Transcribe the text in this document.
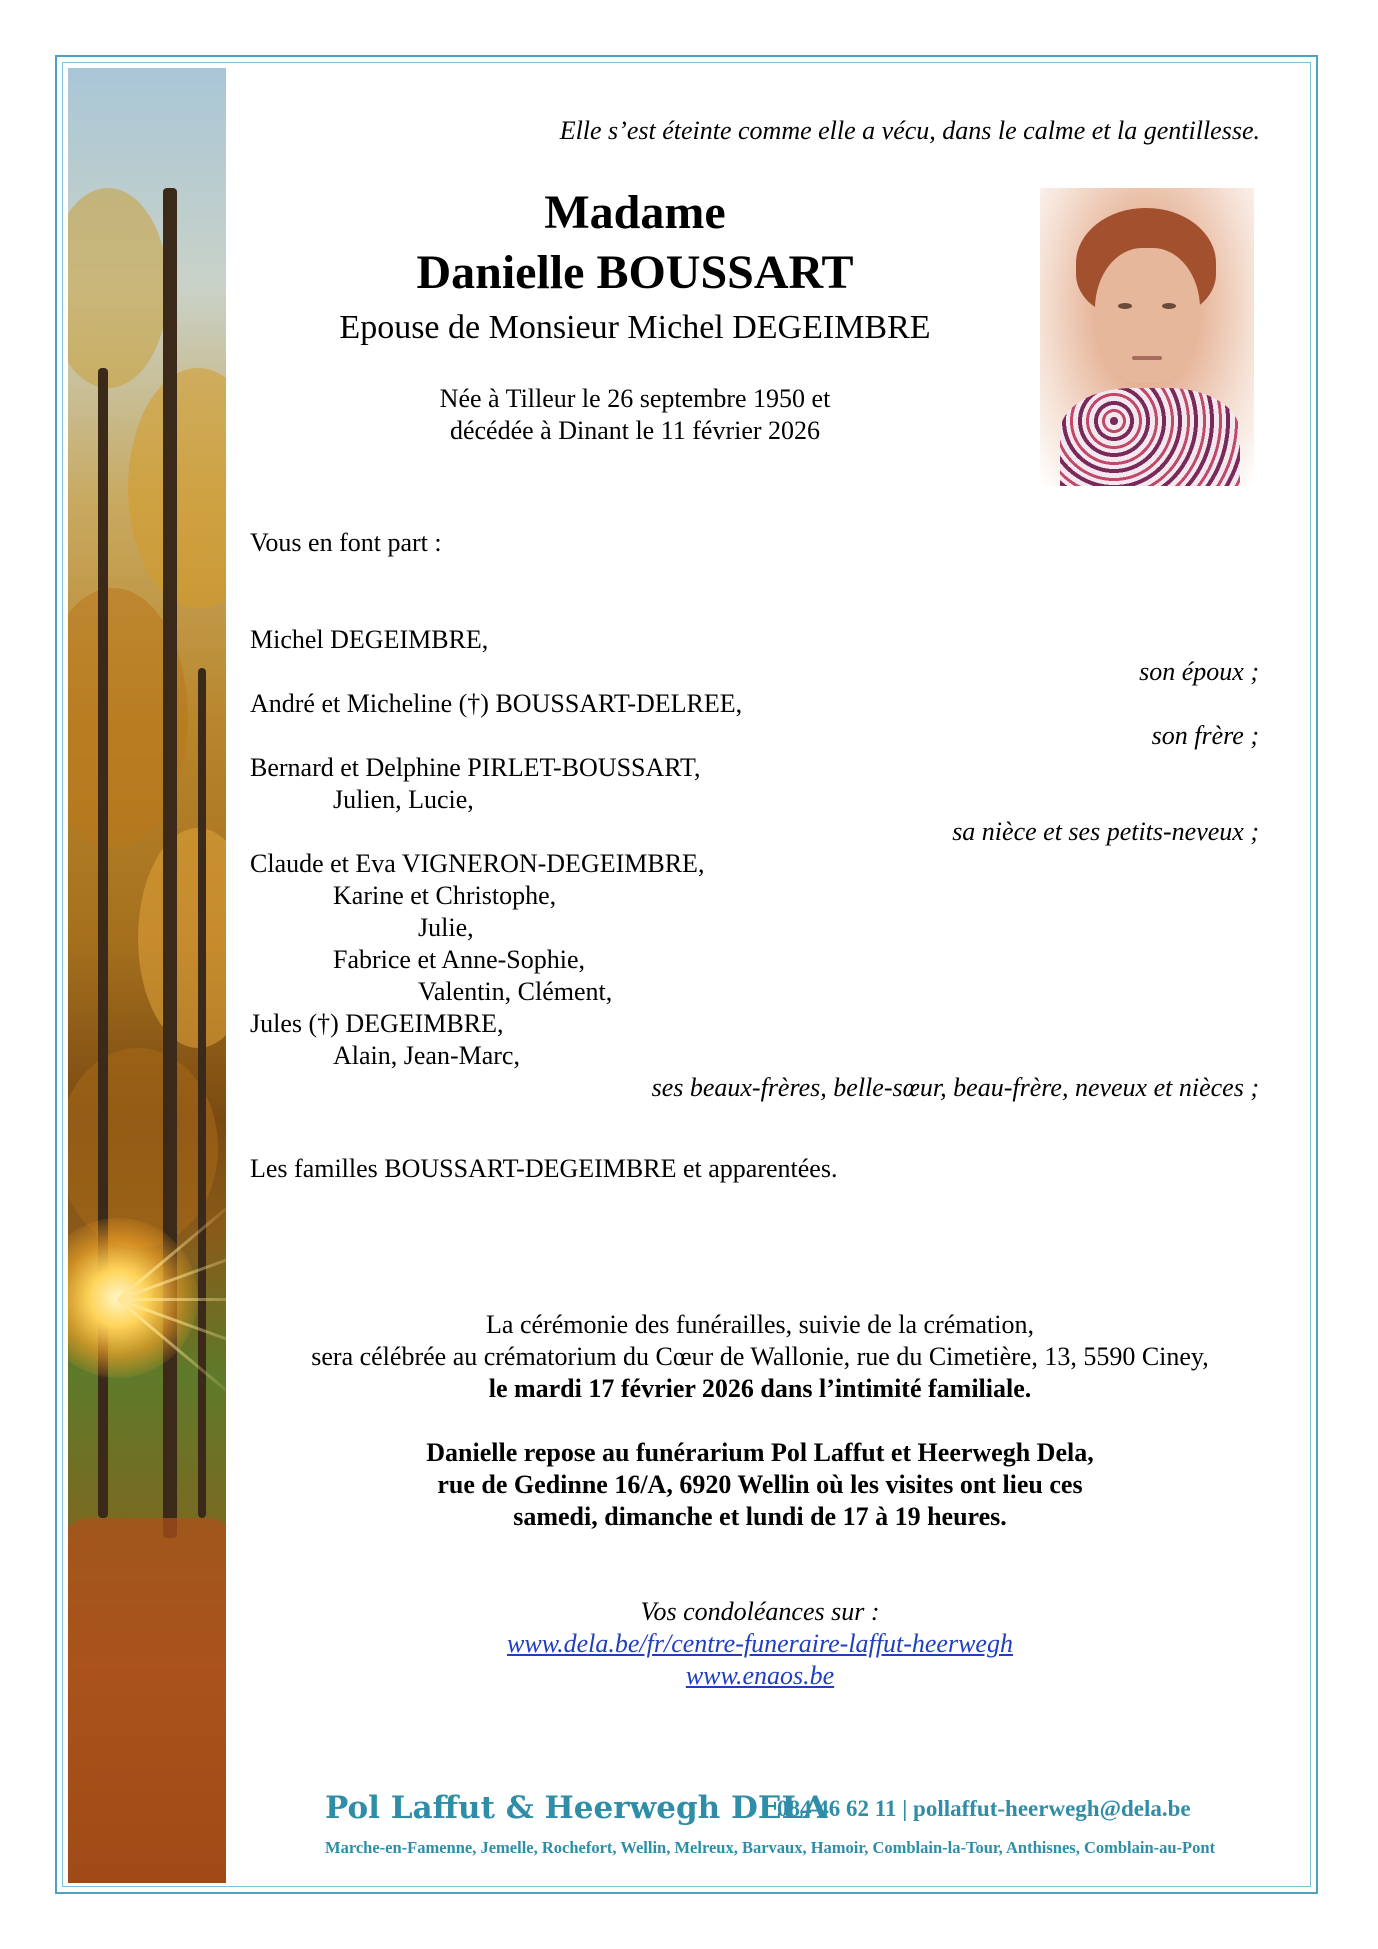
Elle s’est éteinte comme elle a vécu, dans le calme et la gentillesse.
Madame
Danielle BOUSSART
Epouse de Monsieur Michel DEGEIMBRE
Née à Tilleur le 26 septembre 1950 et
décédée à Dinant le 11 février 2026
Vous en font part :
Michel DEGEIMBRE,
son époux ;
André et Micheline (†) BOUSSART-DELREE,
son frère ;
Bernard et Delphine PIRLET-BOUSSART,
Julien, Lucie,
sa nièce et ses petits-neveux ;
Claude et Eva VIGNERON-DEGEIMBRE,
Karine et Christophe,
Julie,
Fabrice et Anne-Sophie,
Valentin, Clément,
Jules (†) DEGEIMBRE,
Alain, Jean-Marc,
ses beaux-frères, belle-sœur, beau-frère, neveux et nièces ;
Les familles BOUSSART-DEGEIMBRE et apparentées.
La cérémonie des funérailles, suivie de la crémation,
sera célébrée au crématorium du Cœur de Wallonie, rue du Cimetière, 13, 5590 Ciney,
le mardi 17 février 2026 dans l’intimité familiale.
Danielle repose au funérarium Pol Laffut et Heerwegh Dela,
rue de Gedinne 16/A, 6920 Wellin où les visites ont lieu ces
samedi, dimanche et lundi de 17 à 19 heures.
Vos condoléances sur :
www.dela.be/fr/centre-funeraire-laffut-heerwegh
www.enaos.be
Pol Laffut & Heerwegh DELA
084 46 62 11 | pollaffut-heerwegh@dela.be
Marche-en-Famenne, Jemelle, Rochefort, Wellin, Melreux, Barvaux, Hamoir, Comblain-la-Tour, Anthisnes, Comblain-au-Pont
